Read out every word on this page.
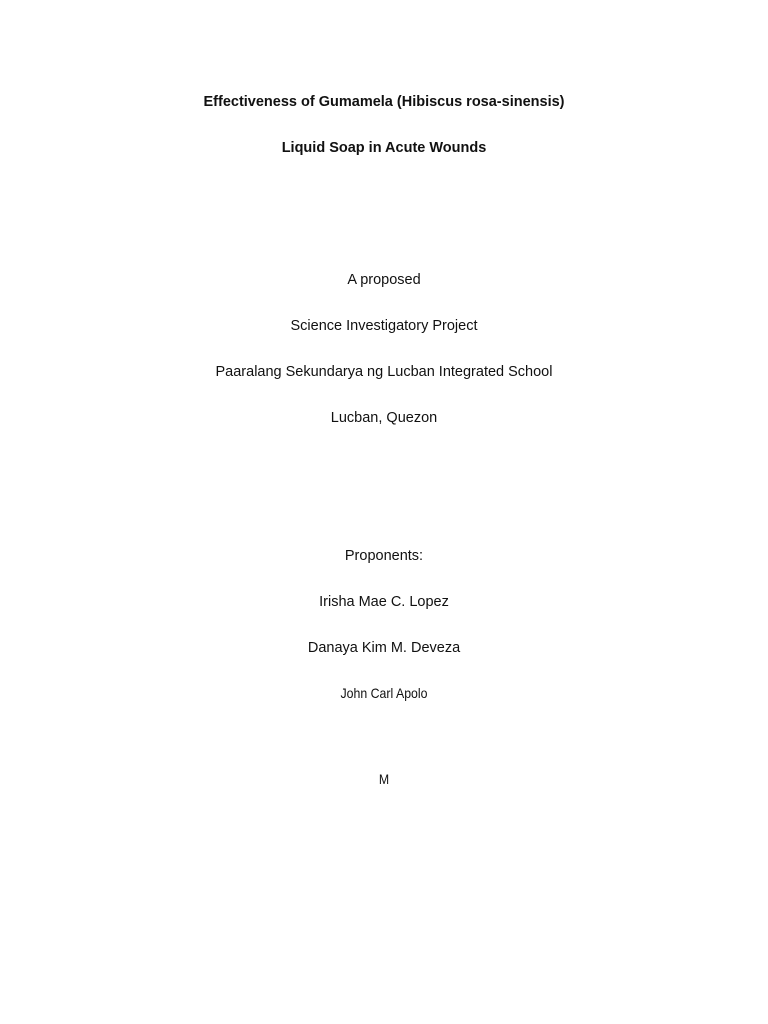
Effectiveness of Gumamela (Hibiscus rosa-sinensis)
Liquid Soap in Acute Wounds
A proposed
Science Investigatory Project
Paaralang Sekundarya ng Lucban Integrated School
Lucban, Quezon
Proponents:
Irisha Mae C. Lopez
Danaya Kim M. Deveza
John Carl Apolo
M
